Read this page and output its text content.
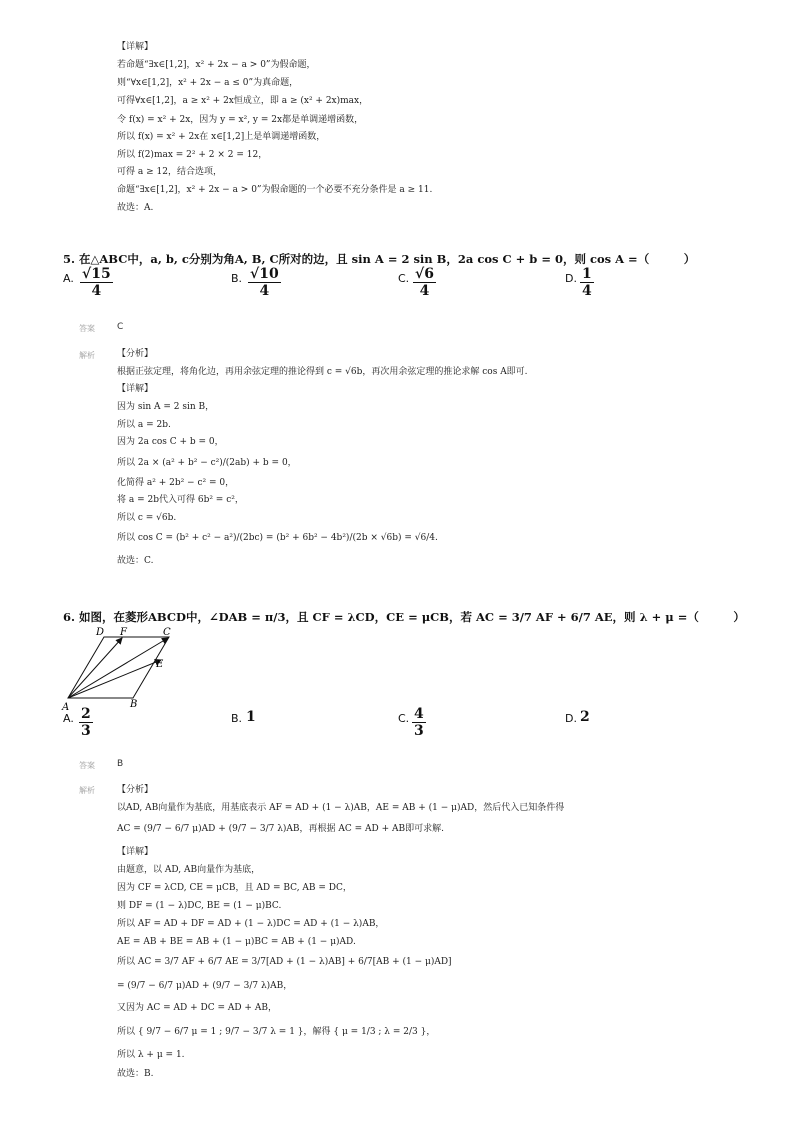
【详解】
若命题“∃x∈[1,2]，x² + 2x − a > 0”为假命题，
则“∀x∈[1,2]，x² + 2x − a ≤ 0”为真命题，
可得∀x∈[1,2]，a ≥ x² + 2x恒成立，即 a ≥ (x² + 2x)max，
令 f(x) = x² + 2x，因为 y = x², y = 2x都是单调递增函数，
所以 f(x) = x² + 2x在 x∈[1,2]上是单调递增函数，
所以 f(2)max = 2² + 2 × 2 = 12，
可得 a ≥ 12，结合选项，
命题“∃x∈[1,2]，x² + 2x − a > 0”为假命题的一个必要不充分条件是 a ≥ 11.
故选：A.
5. 在△ABC中，a, b, c分别为角A, B, C所对的边，且 sin A = 2 sin B，2a cos C + b = 0，则 cos A =（　　　）
A. $\frac{√15}{4}$	B. $\frac{√10}{4}$	C. $\frac{√6}{4}$	D. $\frac{1}{4}$
答案 C
解析 【分析】
根据正弦定理，将角化边，再用余弦定理的推论得到 c = √6b，再次用余弦定理的推论求解 cos A即可.
【详解】
因为 sin A = 2 sin B，
所以 a = 2b.
因为 2a cos C + b = 0，
所以 2a × (a² + b² − c²)/(2ab) + b = 0，
化简得 a² + 2b² − c² = 0，
将 a = 2b代入可得 6b² = c²，
所以 c = √6b.
所以 cos C = (b² + c² − a²)/(2bc) = (b² + 6b² − 4b²)/(2b × √6b) = √6/4.
故选：C.
6. 如图，在菱形ABCD中，∠DAB = π/3，且 CF = λCD，CE = μCB，若 AC = 3/7 AF + 6/7 AE，则 λ + μ =（　　　）
D F	C
E
A	B
A. $\frac{2}{3}$	B. 1	C. $\frac{4}{3}$	D. 2
答案 B
解析 【分析】
以AD, AB向量作为基底，用基底表示 AF = AD + (1 − λ)AB，AE = AB + (1 − μ)AD，然后代入已知条件得
AC = (9/7 − 6/7 μ)AD + (9/7 − 3/7 λ)AB，再根据 AC = AD + AB即可求解.
【详解】
由题意，以 AD, AB向量作为基底，
因为 CF = λCD, CE = μCB，且 AD = BC, AB = DC，
则 DF = (1 − λ)DC, BE = (1 − μ)BC.
所以 AF = AD + DF = AD + (1 − λ)DC = AD + (1 − λ)AB，
AE = AB + BE = AB + (1 − μ)BC = AB + (1 − μ)AD.
所以 AC = 3/7 AF + 6/7 AE = 3/7[AD + (1 − λ)AB] + 6/7[AB + (1 − μ)AD]
= (9/7 − 6/7 μ)AD + (9/7 − 3/7 λ)AB，
又因为 AC = AD + DC = AD + AB，
所以 { 9/7 − 6/7 μ = 1 ; 9/7 − 3/7 λ = 1 }，解得 { μ = 1/3 ; λ = 2/3 }，
所以 λ + μ = 1.
故选：B.
